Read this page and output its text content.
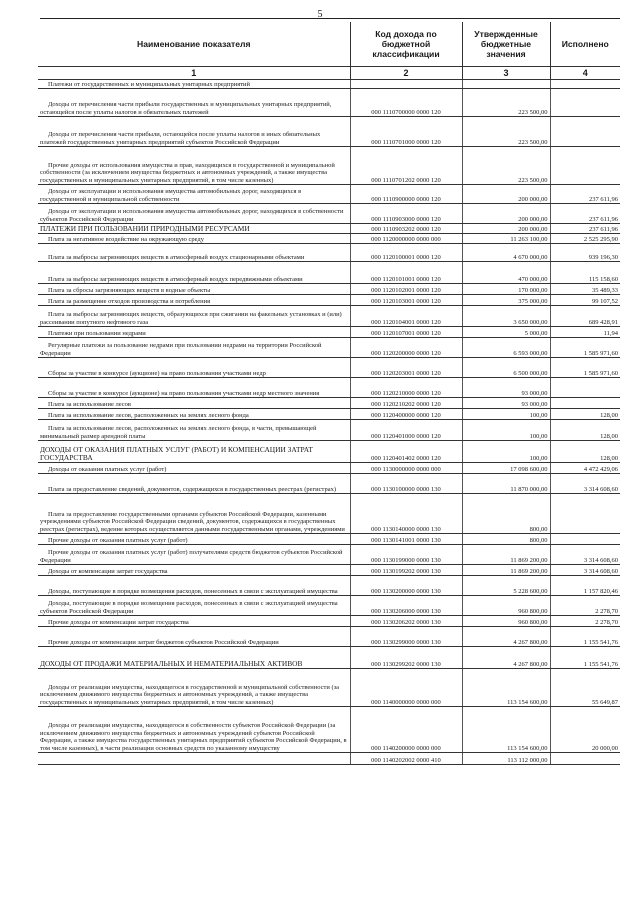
5
Наименование показателя	Код дохода по бюджетной классификации	Утвержденные бюджетные значения	Исполнено
1	2	3	4
Платежи от государственных и муниципальных унитарных предприятий			
Доходы от перечисления части прибыли государственных и муниципальных унитарных предприятий, остающейся после уплаты налогов и обязательных платежей	000 1110700000 0000 120	223 500,00	
Доходы от перечисления части прибыли, остающейся после уплаты налогов и иных обязательных платежей государственных унитарных предприятий субъектов Российской Федерации	000 1110701000 0000 120	223 500,00	
Прочие доходы от использования имущества и прав, находящихся в государственной и муниципальной собственности (за исключением имущества бюджетных и автономных учреждений, а также имущества государственных и муниципальных унитарных предприятий, в том числе казенных)	000 1110701202 0000 120	223 500,00	
Доходы от эксплуатации и использования имущества автомобильных дорог, находящихся в государственной и муниципальной собственности	000 1110900000 0000 120	200 000,00	237 611,96
Доходы от эксплуатации и использования имущества автомобильных дорог, находящихся в собственности субъектов Российской Федерации	000 1110903000 0000 120	200 000,00	237 611,96
ПЛАТЕЖИ ПРИ ПОЛЬЗОВАНИИ ПРИРОДНЫМИ РЕСУРСАМИ	000 1110903202 0000 120	200 000,00	237 611,96
Плата за негативное воздействие на окружающую среду	000 1120000000 0000 000	11 263 100,00	2 525 295,90
Плата за выбросы загрязняющих веществ в атмосферный воздух стационарными объектами	000 1120100001 0000 120	4 670 000,00	939 196,30
Плата за выбросы загрязняющих веществ в атмосферный воздух передвижными объектами	000 1120101001 0000 120	470 000,00	115 158,60
Плата за сбросы загрязняющих веществ в водные объекты	000 1120102001 0000 120	170 000,00	35 489,33
Плата за размещение отходов производства и потребления	000 1120103001 0000 120	375 000,00	99 107,52
Плата за выбросы загрязняющих веществ, образующихся при сжигании на факельных установках и (или) рассеивании попутного нефтяного газа	000 1120104001 0000 120	3 650 000,00	689 428,91
Платежи при пользовании недрами	000 1120107001 0000 120	5 000,00	11,94
Регулярные платежи за пользование недрами при пользовании недрами на территории Российской Федерации	000 1120200000 0000 120	6 593 000,00	1 585 971,60
Сборы за участие в конкурсе (аукционе) на право пользования участками недр	000 1120203001 0000 120	6 500 000,00	1 585 971,60
Сборы за участие в конкурсе (аукционе) на право пользования участками недр местного значения	000 1120210000 0000 120	93 000,00	
Плата за использование лесов	000 1120210202 0000 120	93 000,00	
Плата за использование лесов, расположенных на землях лесного фонда	000 1120400000 0000 120	100,00	128,00
Плата за использование лесов, расположенных на землях лесного фонда, в части, превышающей минимальный размер арендной платы	000 1120401000 0000 120	100,00	128,00
ДОХОДЫ ОТ ОКАЗАНИЯ ПЛАТНЫХ УСЛУГ (РАБОТ) И КОМПЕНСАЦИИ ЗАТРАТ ГОСУДАРСТВА	000 1120401402 0000 120	100,00	128,00
Доходы от оказания платных услуг (работ)	000 1130000000 0000 000	17 098 600,00	4 472 429,06
Плата за предоставление сведений, документов, содержащихся в государственных реестрах (регистрах)	000 1130100000 0000 130	11 870 000,00	3 314 608,60
Плата за предоставление государственными органами субъектов Российской Федерации, казенными учреждениями субъектов Российской Федерации сведений, документов, содержащихся в государственных реестрах (регистрах), ведение которых осуществляется данными государственными органами, учреждениями	000 1130140000 0000 130	800,00	
Прочие доходы от оказания платных услуг (работ)	000 1130141001 0000 130	800,00	
Прочие доходы от оказания платных услуг (работ) получателями средств бюджетов субъектов Российской Федерации	000 1130199000 0000 130	11 869 200,00	3 314 608,60
Доходы от компенсации затрат государства	000 1130199202 0000 130	11 869 200,00	3 314 608,60
Доходы, поступающие в порядке возмещения расходов, понесенных в связи с эксплуатацией имущества	000 1130200000 0000 130	5 228 600,00	1 157 820,46
Доходы, поступающие в порядке возмещения расходов, понесенных в связи с эксплуатацией имущества субъектов Российской Федерации	000 1130206000 0000 130	960 800,00	2 278,70
Прочие доходы от компенсации затрат государства	000 1130206202 0000 130	960 800,00	2 278,70
Прочие доходы от компенсации затрат бюджетов субъектов Российской Федерации	000 1130299000 0000 130	4 267 800,00	1 155 541,76
ДОХОДЫ ОТ ПРОДАЖИ МАТЕРИАЛЬНЫХ И НЕМАТЕРИАЛЬНЫХ АКТИВОВ	000 1130299202 0000 130	4 267 800,00	1 155 541,76
Доходы от реализации имущества, находящегося в государственной и муниципальной собственности (за исключением движимого имущества бюджетных и автономных учреждений, а также имущества государственных и муниципальных унитарных предприятий, в том числе казенных)	000 1140000000 0000 000	113 154 600,00	55 649,87
Доходы от реализации имущества, находящегося в собственности субъектов Российской Федерации (за исключением движимого имущества бюджетных и автономных учреждений субъектов Российской Федерации, а также имущества государственных унитарных предприятий субъектов Российской Федерации, в том числе казенных), в части реализации основных средств по указанному имуществу	000 1140200000 0000 000	113 154 600,00	20 000,00
	000 1140202002 0000 410	113 112 000,00	
